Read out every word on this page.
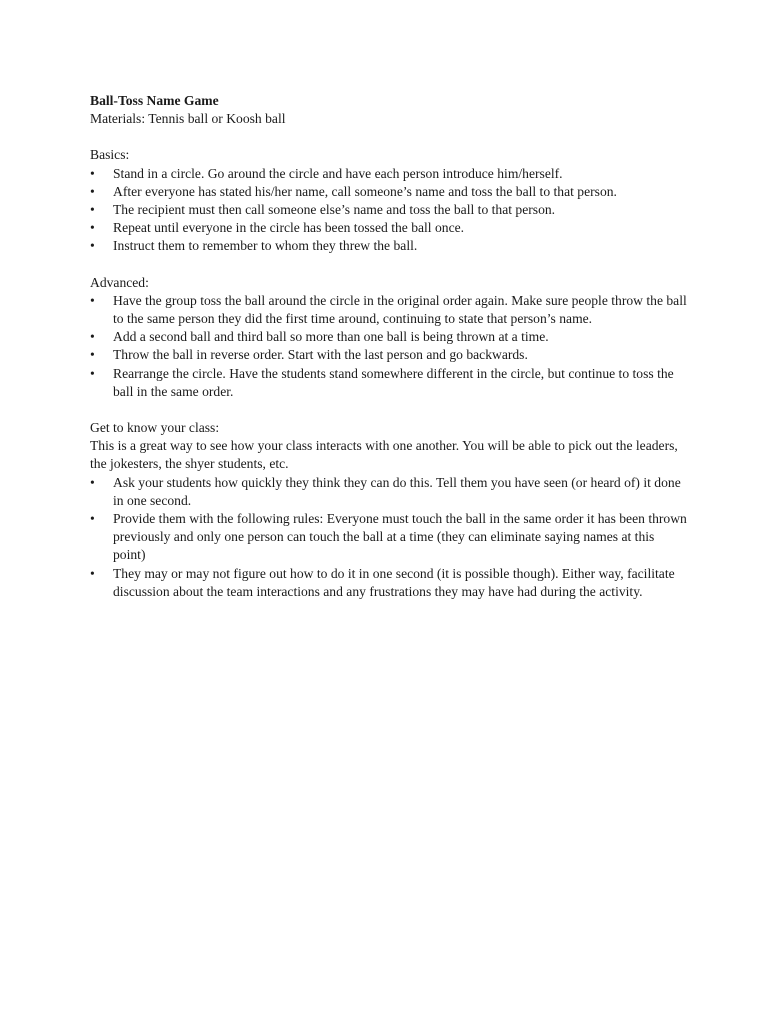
Ball-Toss Name Game

Materials: Tennis ball or Koosh ball

Basics:

• Stand in a circle. Go around the circle and have each person introduce him/herself.
• After everyone has stated his/her name, call someone’s name and toss the ball to that person.
• The recipient must then call someone else’s name and toss the ball to that person.
• Repeat until everyone in the circle has been tossed the ball once.
• Instruct them to remember to whom they threw the ball.

Advanced:

• Have the group toss the ball around the circle in the original order again. Make sure people throw the ball to the same person they did the first time around, continuing to state that person’s name.
• Add a second ball and third ball so more than one ball is being thrown at a time.
• Throw the ball in reverse order. Start with the last person and go backwards.
• Rearrange the circle. Have the students stand somewhere different in the circle, but continue to toss the ball in the same order.

Get to know your class:

This is a great way to see how your class interacts with one another. You will be able to pick out the leaders, the jokesters, the shyer students, etc.

• Ask your students how quickly they think they can do this. Tell them you have seen (or heard of) it done in one second.
• Provide them with the following rules: Everyone must touch the ball in the same order it has been thrown previously and only one person can touch the ball at a time (they can eliminate saying names at this point)
• They may or may not figure out how to do it in one second (it is possible though). Either way, facilitate discussion about the team interactions and any frustrations they may have had during the activity.
